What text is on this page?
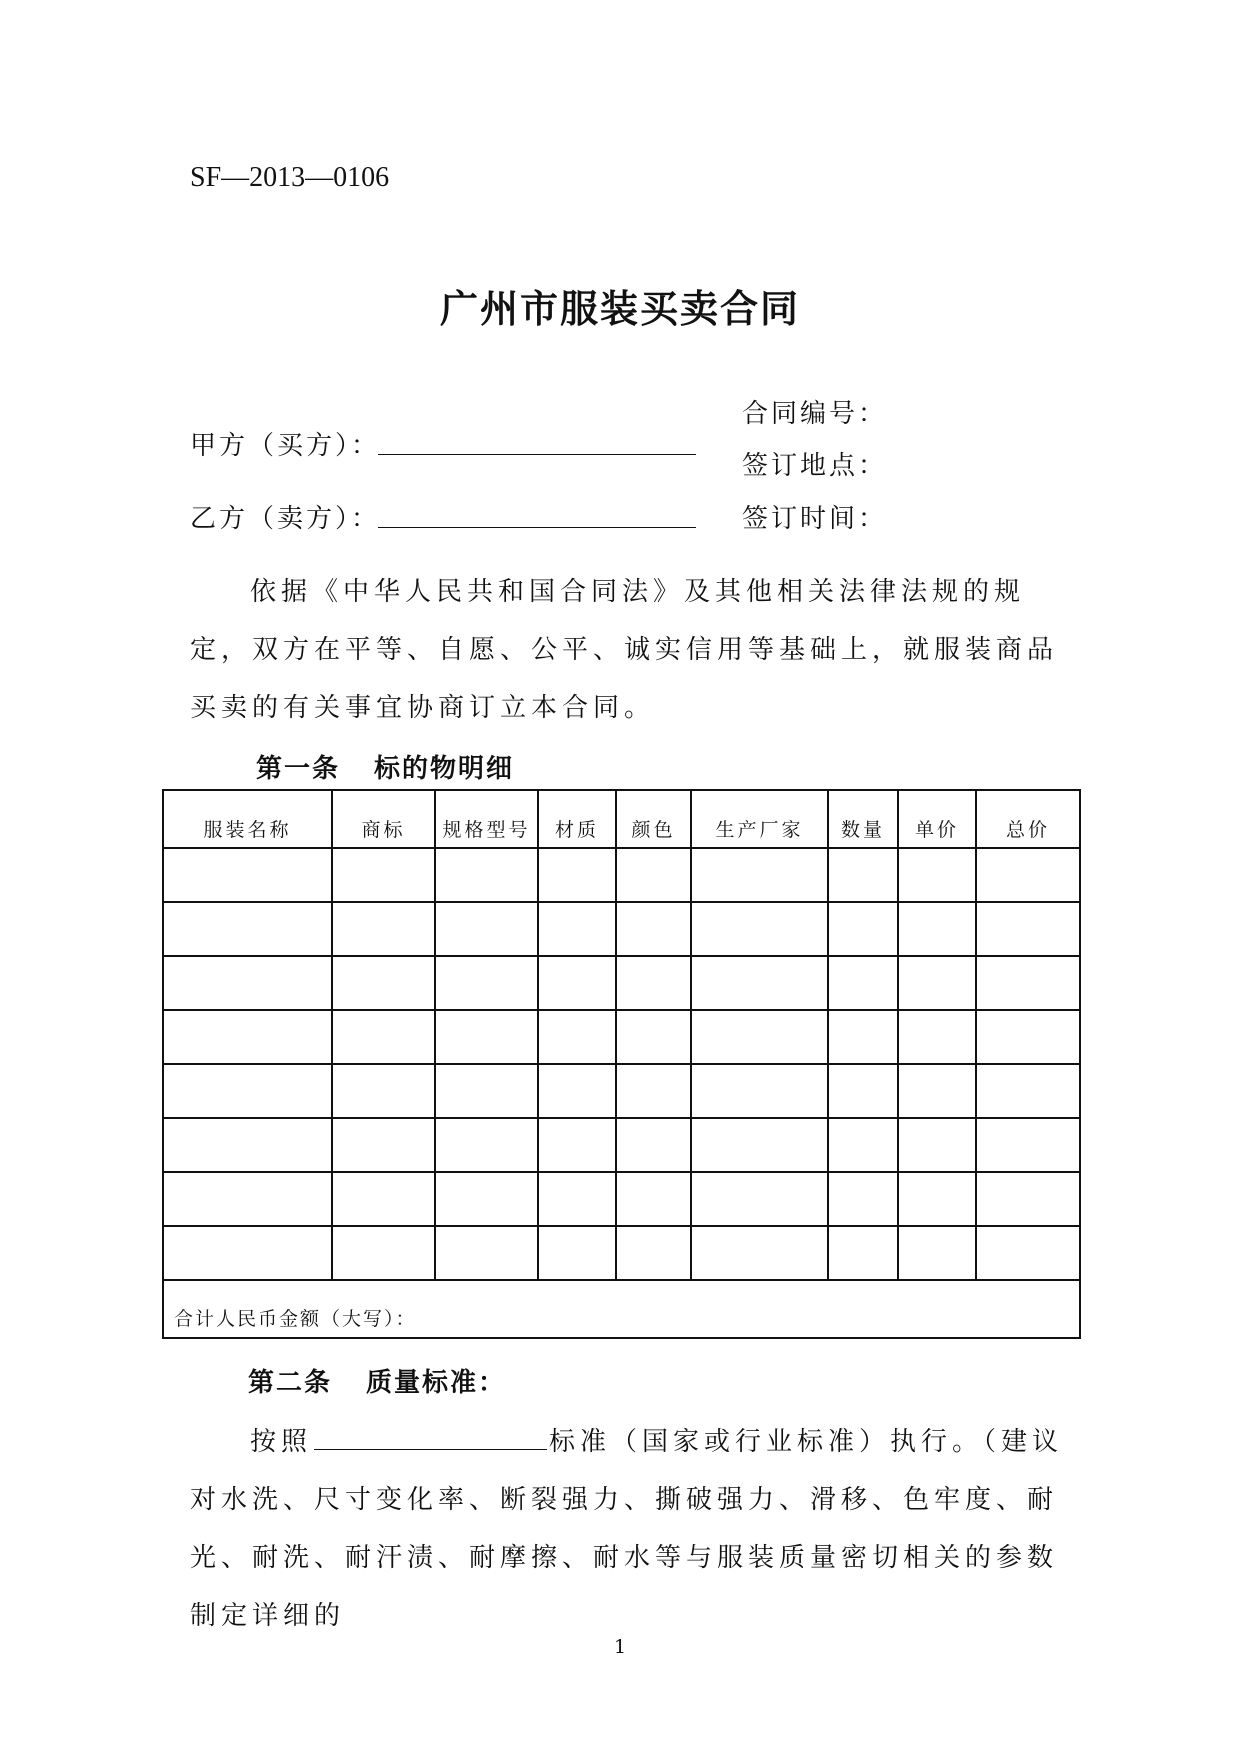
SF—2013—0106
广州市服装买卖合同
甲方（买方）：
乙方（卖方）：
合同编号：
签订地点：
签订时间：

依据《中华人民共和国合同法》及其他相关法律法规的规定，双方在平等、自愿、公平、诚实信用等基础上，就服装商品买卖的有关事宜协商订立本合同。

第一条 标的物明细
服装名称	商标	规格型号	材质	颜色	生产厂家	数量	单价	总价

合计人民币金额（大写）：								
第二条 质量标准：

按照	标准（国家或行业标准）执行。（建议对水洗、尺寸变化率、断裂强力、撕破强力、滑移、色牢度、耐光、耐洗、耐汗渍、耐摩擦、耐水等与服装质量密切相关的参数制定详细的

1
